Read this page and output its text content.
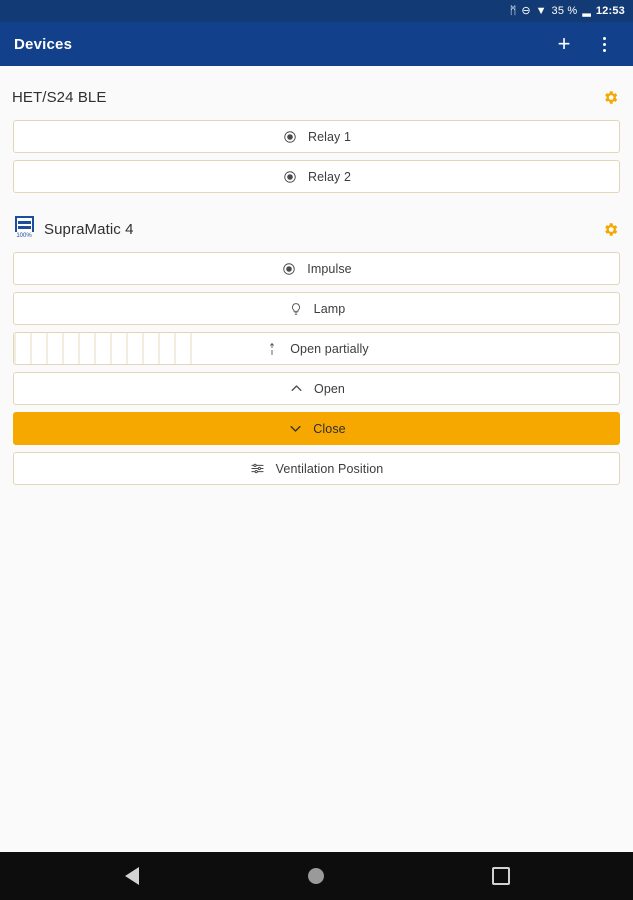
ᛗ ⊖ ▼ 35 % ▂ 12:53
Devices	+
HET/S24 BLE
Relay 1
Relay 2
100% SupraMatic 4
Impulse
Lamp
Open partially
Open
Close
Ventilation Position
